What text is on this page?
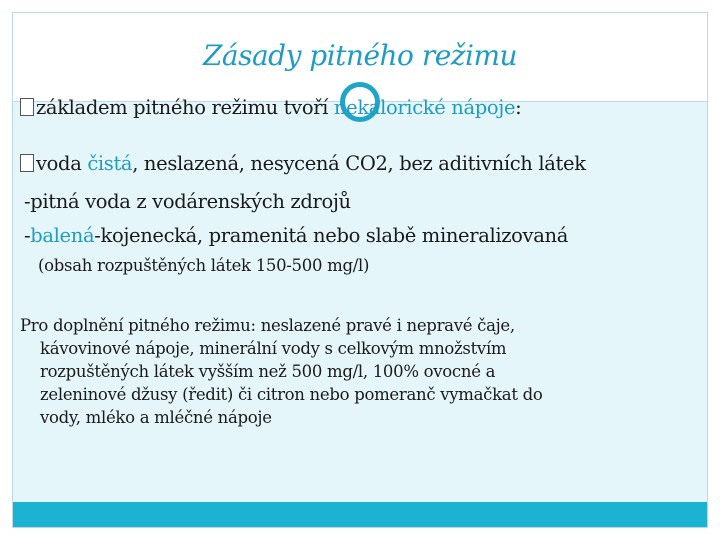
Zásady pitného režimu
základem pitného režimu tvoří nekalorické nápoje:
voda čistá, neslazená, nesycená CO2, bez aditivních látek
-pitná voda z vodárenských zdrojů
-balená-kojenecká, pramenitá nebo slabě mineralizovaná
(obsah rozpuštěných látek 150-500 mg/l)
Pro doplnění pitného režimu: neslazené pravé i nepravé čaje,
kávovinové nápoje, minerální vody s celkovým množstvím
rozpuštěných látek vyšším než 500 mg/l, 100% ovocné a
zeleninové džusy (ředit) či citron nebo pomeranč vymačkat do
vody, mléko a mléčné nápoje
